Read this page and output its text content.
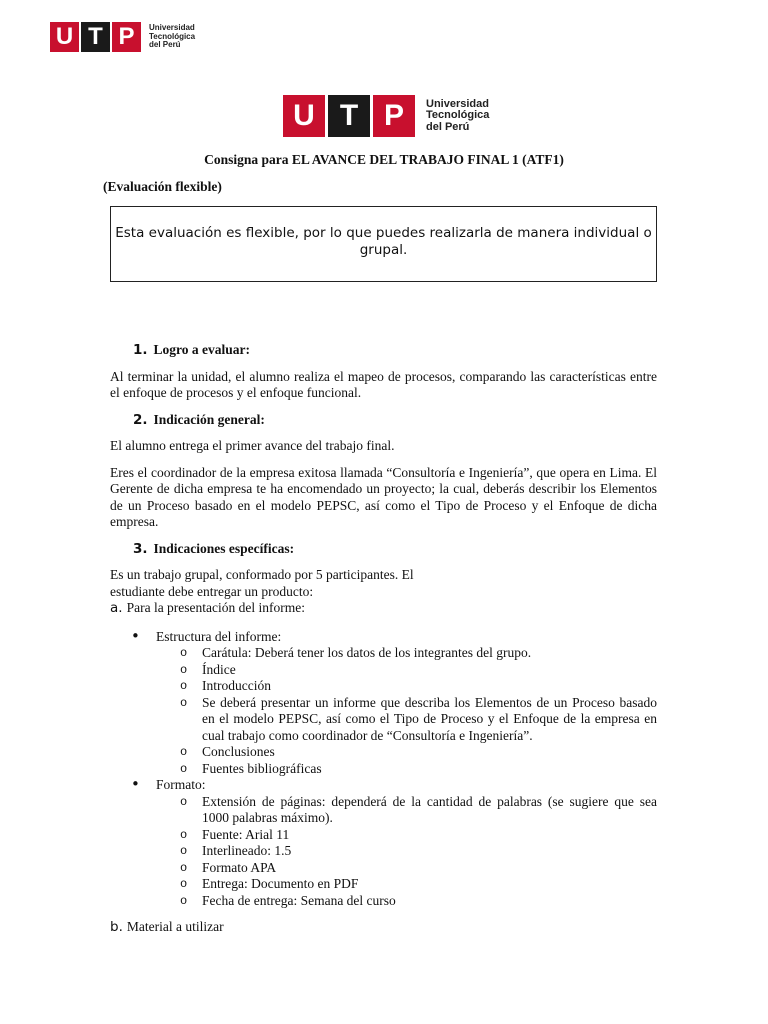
U T P Universidad
Tecnológica
del Perú
U T P Universidad
Tecnológica
del Perú
Consigna para EL AVANCE DEL TRABAJO FINAL 1 (ATF1)
(Evaluación flexible)
Esta evaluación es flexible, por lo que puedes realizarla de manera individual o grupal.
1. Logro a evaluar:

Al terminar la unidad, el alumno realiza el mapeo de procesos, comparando las características entre el enfoque de procesos y el enfoque funcional.

2. Indicación general:

El alumno entrega el primer avance del trabajo final.

Eres el coordinador de la empresa exitosa llamada “Consultoría e Ingeniería”, que opera en Lima. El Gerente de dicha empresa te ha encomendado un proyecto; la cual, deberás describir los Elementos de un Proceso basado en el modelo PEPSC, así como el Tipo de Proceso y el Enfoque de dicha empresa.

3. Indicaciones específicas:
Es un trabajo grupal, conformado por 5 participantes. El
estudiante debe entregar un producto:
a. Para la presentación del informe:
• Estructura del informe:
o Carátula: Deberá tener los datos de los integrantes del grupo.
o Índice
o Introducción
o Se deberá presentar un informe que describa los Elementos de un Proceso basado en el modelo PEPSC, así como el Tipo de Proceso y el Enfoque de la empresa en cual trabajo como coordinador de “Consultoría e Ingeniería”.
o Conclusiones
o Fuentes bibliográficas
• Formato:
o Extensión de páginas: dependerá de la cantidad de palabras (se sugiere que sea 1000 palabras máximo).
o Fuente: Arial 11
o Interlineado: 1.5
o Formato APA
o Entrega: Documento en PDF
o Fecha de entrega: Semana del curso
b. Material a utilizar
